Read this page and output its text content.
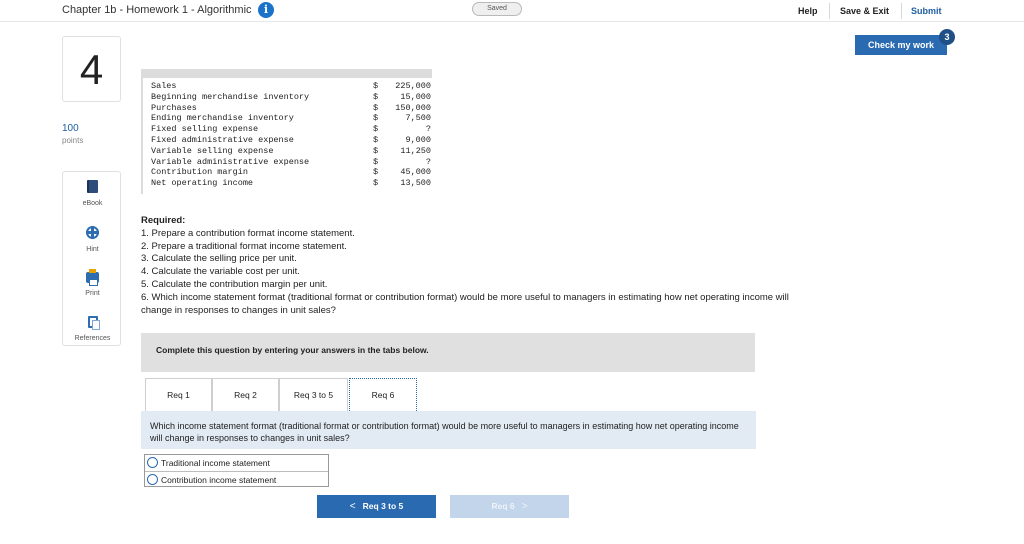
Chapter 1b - Homework 1 - Algorithmic	i	Saved	Help Save & Exit Submit
Check my work
3
4
100
points
eBook
Hint
Print
References
Sales	$ 225,000
Beginning merchandise inventory	$	15,000
Purchases	$ 150,000
Ending merchandise inventory	$	7,500
Fixed selling expense	$	?
Fixed administrative expense	$	9,000
Variable selling expense	$	11,250
Variable administrative expense	$	?
Contribution margin	$	45,000
Net operating income	$	13,500
Required:
1. Prepare a contribution format income statement.
2. Prepare a traditional format income statement.
3. Calculate the selling price per unit.
4. Calculate the variable cost per unit.
5. Calculate the contribution margin per unit.
6. Which income statement format (traditional format or contribution format) would be more useful to managers in estimating how net operating income will change in responses to changes in unit sales?
Complete this question by entering your answers in the tabs below.
Req 1	Req 2	Req 3 to 5	Req 6
Which income statement format (traditional format or contribution format) would be more useful to managers in estimating how net operating income will change in responses to changes in unit sales?
Traditional income statement
Contribution income statement
< Req 3 to 5	Req 6 >
